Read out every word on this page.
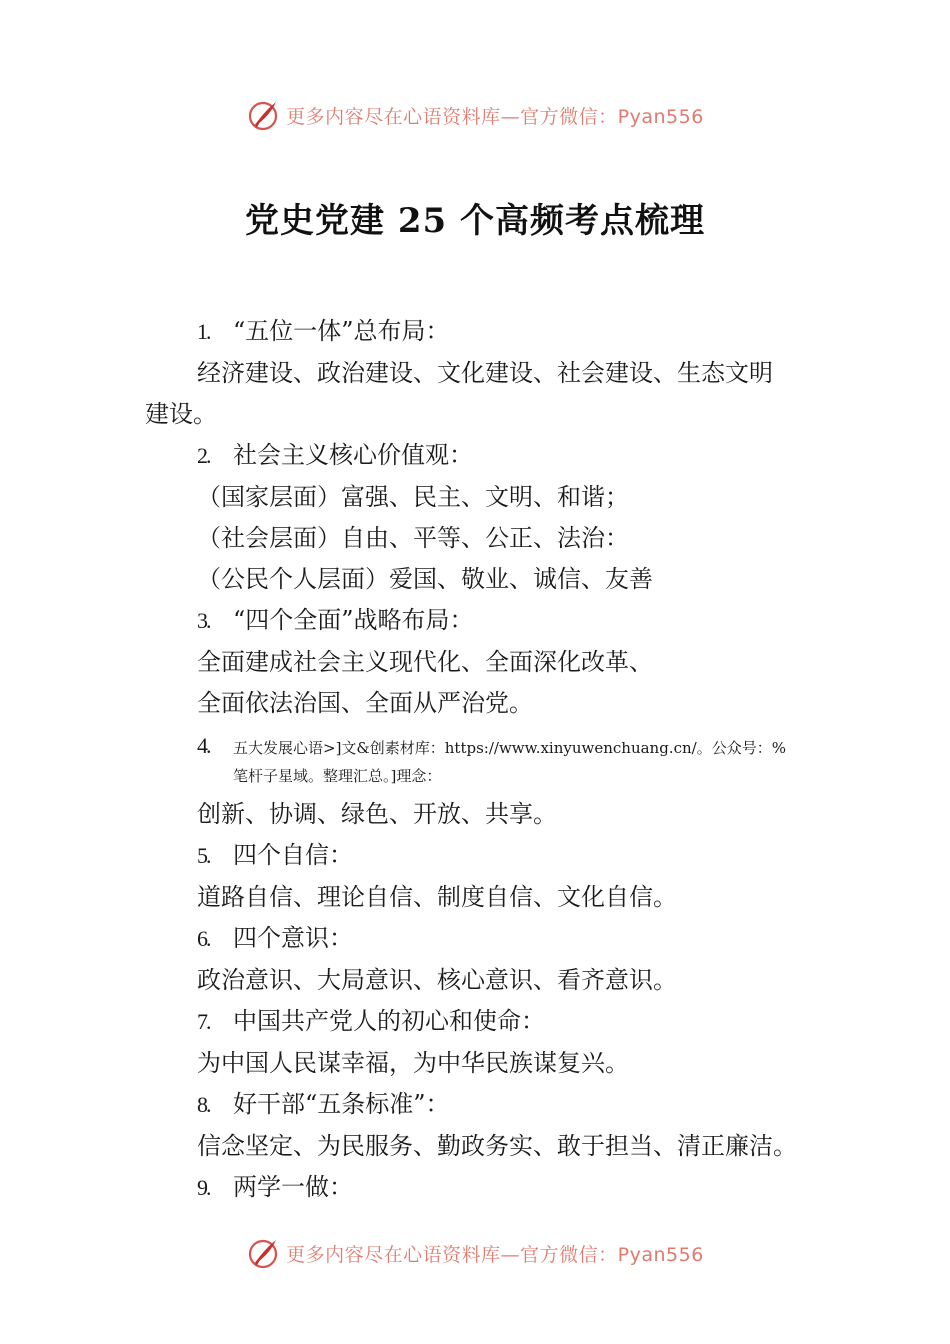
更多内容尽在心语资料库—官方微信：Pyan556
党史党建 25 个高频考点梳理
1. “五位一体”总布局：
经济建设、政治建设、文化建设、社会建设、生态文明
建设。
2. 社会主义核心价值观：
（国家层面）富强、民主、文明、和谐；
（社会层面）自由、平等、公正、法治：
（公民个人层面）爱国、敬业、诚信、友善
3. “四个全面”战略布局：
全面建成社会主义现代化、全面深化改革、
全面依法治国、全面从严治党。
4. 五大发展心语>]文&创素材库：https://www.xinyuwenchuang.cn/。公众号：%
笔杆子星域。整理汇总。]理念：
创新、协调、绿色、开放、共享。
5. 四个自信：
道路自信、理论自信、制度自信、文化自信。
6. 四个意识：
政治意识、大局意识、核心意识、看齐意识。
7. 中国共产党人的初心和使命：
为中国人民谋幸福，为中华民族谋复兴。
8. 好干部“五条标准”：
信念坚定、为民服务、勤政务实、敢于担当、清正廉洁。
9. 两学一做：
更多内容尽在心语资料库—官方微信：Pyan556
